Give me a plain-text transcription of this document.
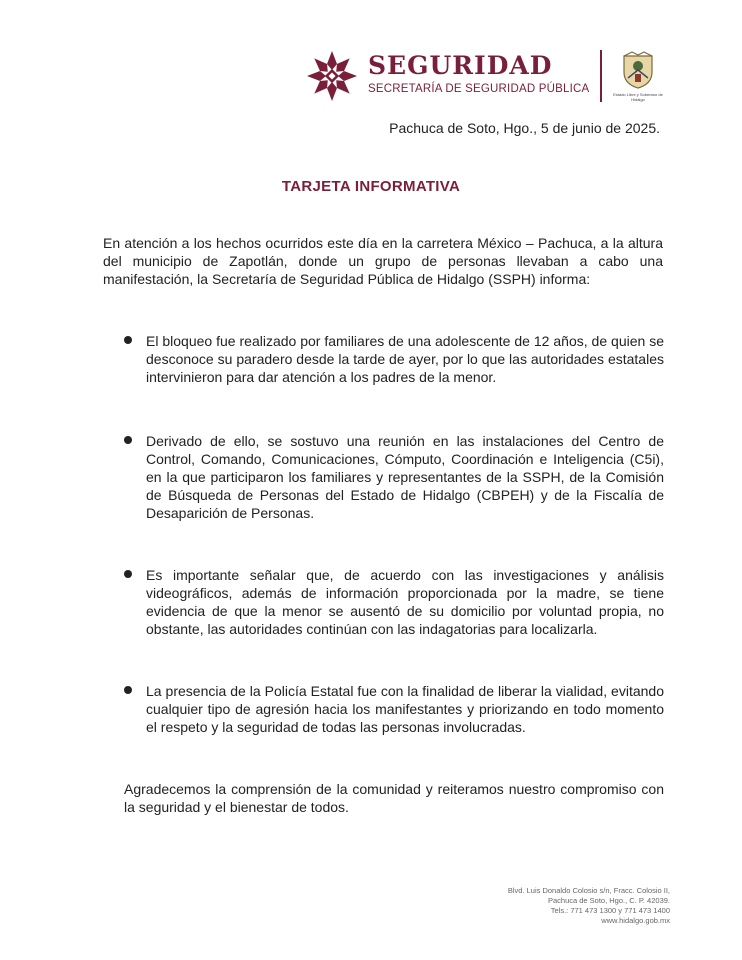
SEGURIDAD
SECRETARÍA DE SEGURIDAD PÚBLICA	Estado Libre y Soberano de Hidalgo
Pachuca de Soto, Hgo., 5 de junio de 2025.
TARJETA INFORMATIVA
En atención a los hechos ocurridos este día en la carretera México – Pachuca, a la altura del municipio de Zapotlán, donde un grupo de personas llevaban a cabo una manifestación, la Secretaría de Seguridad Pública de Hidalgo (SSPH) informa:
El bloqueo fue realizado por familiares de una adolescente de 12 años, de quien se desconoce su paradero desde la tarde de ayer, por lo que las autoridades estatales intervinieron para dar atención a los padres de la menor.
Derivado de ello, se sostuvo una reunión en las instalaciones del Centro de Control, Comando, Comunicaciones, Cómputo, Coordinación e Inteligencia (C5i), en la que participaron los familiares y representantes de la SSPH, de la Comisión de Búsqueda de Personas del Estado de Hidalgo (CBPEH) y de la Fiscalía de Desaparición de Personas.
Es importante señalar que, de acuerdo con las investigaciones y análisis videográficos, además de información proporcionada por la madre, se tiene evidencia de que la menor se ausentó de su domicilio por voluntad propia, no obstante, las autoridades continúan con las indagatorias para localizarla.
La presencia de la Policía Estatal fue con la finalidad de liberar la vialidad, evitando cualquier tipo de agresión hacia los manifestantes y priorizando en todo momento el respeto y la seguridad de todas las personas involucradas.
Agradecemos la comprensión de la comunidad y reiteramos nuestro compromiso con la seguridad y el bienestar de todos.
Blvd. Luis Donaldo Colosio s/n, Fracc. Colosio II,
Pachuca de Soto, Hgo., C. P. 42039.
Tels.: 771 473 1300 y 771 473 1400
www.hidalgo.gob.mx
